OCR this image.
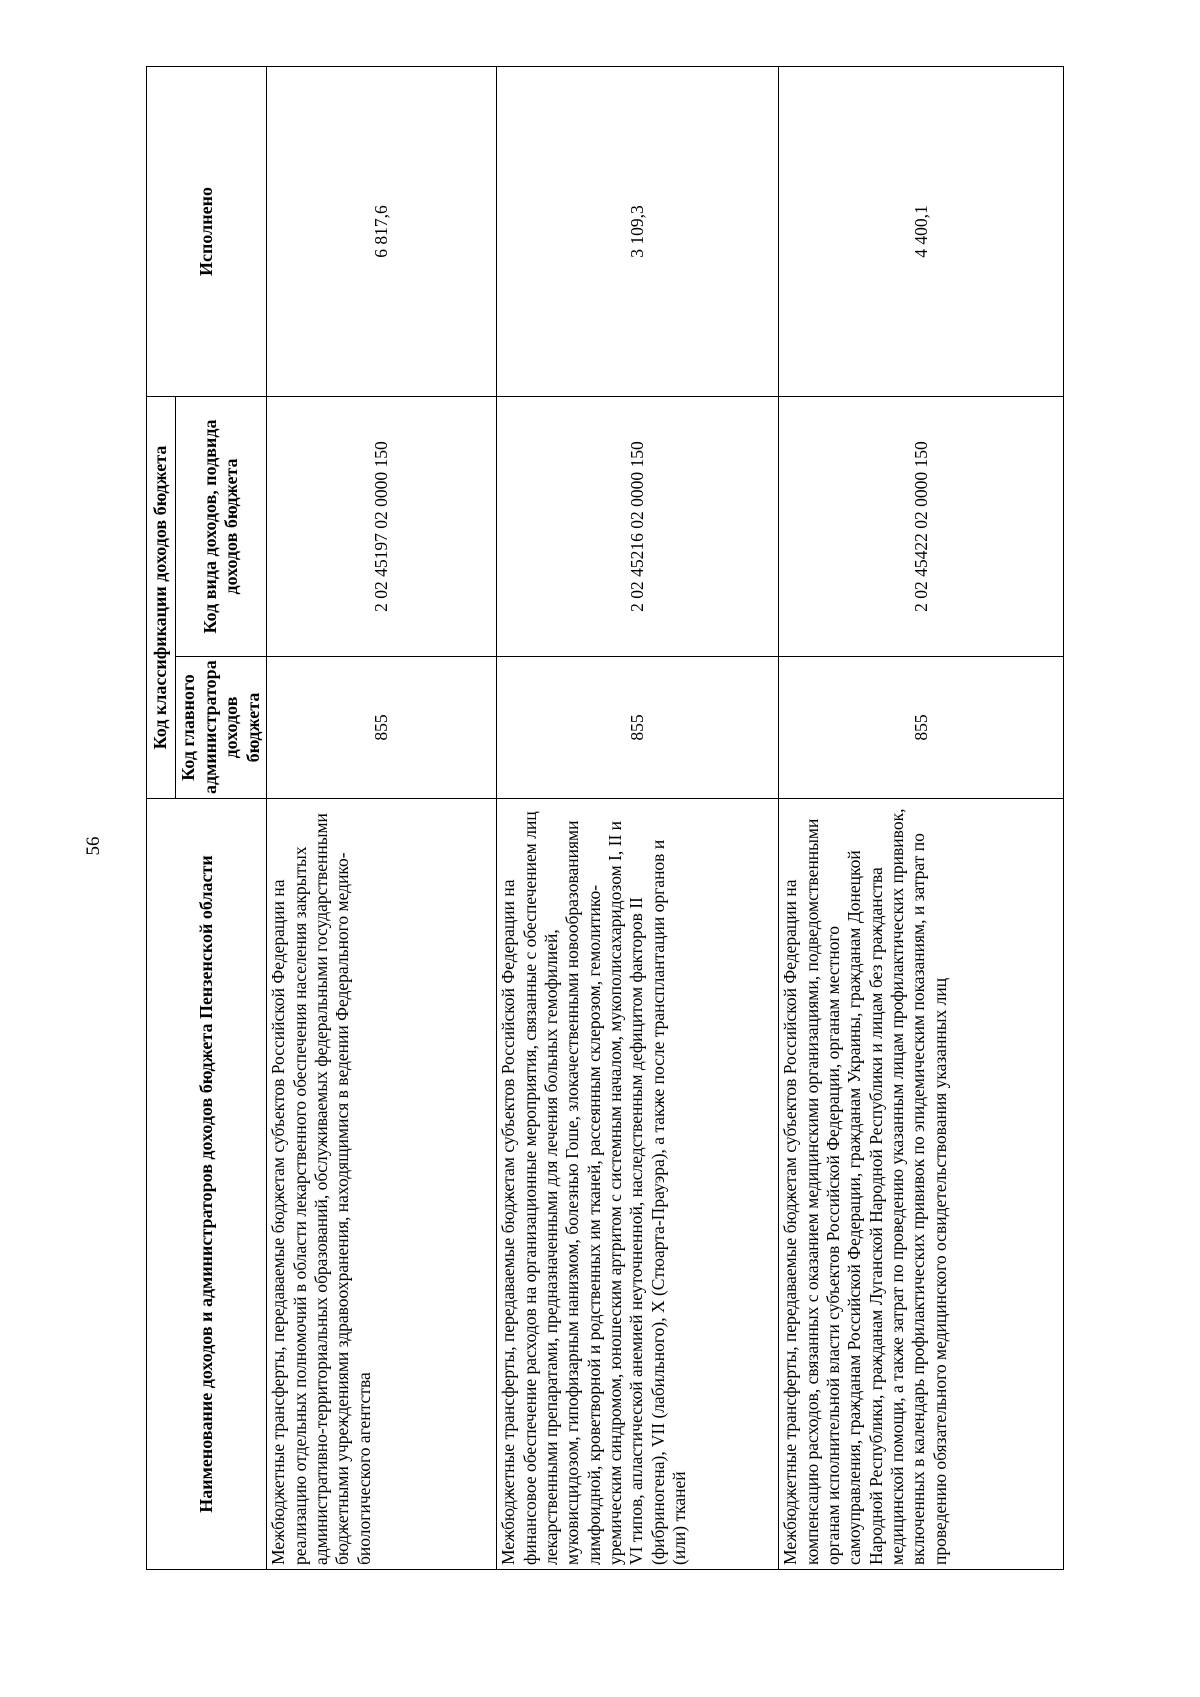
56
Наименование доходов и администраторов доходов бюджета Пензенской области	Код классификации доходов бюджета		Исполнено
	Код главного администратора доходов бюджета	Код вида доходов, подвида доходов бюджета	
Межбюджетные трансферты, передаваемые бюджетам субъектов Российской Федерации на реализацию отдельных полномочий в области лекарственного обеспечения населения закрытых административно-территориальных образований, обслуживаемых федеральными государственными бюджетными учреждениями здравоохранения, находящимися в ведении Федерального медико-биологического агентства	855	2 02 45197 02 0000 150	6 817,6
Межбюджетные трансферты, передаваемые бюджетам субъектов Российской Федерации на финансовое обеспечение расходов на организационные мероприятия, связанные с обеспечением лиц лекарственными препаратами, предназначенными для лечения больных гемофилией, муковисцидозом, гипофизарным нанизмом, болезнью Гоше, злокачественными новообразованиями лимфоидной, кроветворной и родственных им тканей, рассеянным склерозом, гемолитико-уремическим синдромом, юношеским артритом с системным началом, мукополисахаридозом I, II и VI типов, апластической анемией неуточненной, наследственным дефицитом факторов II (фибриногена), VII (лабильного), X (Стюарта-Прауэра), а также после трансплантации органов и (или) тканей	855	2 02 45216 02 0000 150	3 109,3
Межбюджетные трансферты, передаваемые бюджетам субъектов Российской Федерации на компенсацию расходов, связанных с оказанием медицинскими организациями, подведомственными органам исполнительной власти субъектов Российской Федерации, органам местного самоуправления, гражданам Российской Федерации, гражданам Украины, гражданам Донецкой Народной Республики, гражданам Луганской Народной Республики и лицам без гражданства медицинской помощи, а также затрат по проведению указанным лицам профилактических прививок, включенных в календарь профилактических прививок по эпидемическим показаниям, и затрат по проведению обязательного медицинского освидетельствования указанных лиц	855	2 02 45422 02 0000 150	4 400,1
